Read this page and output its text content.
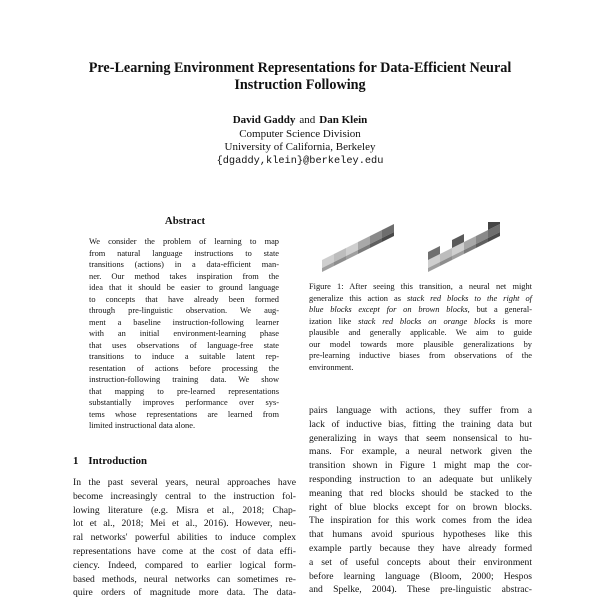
Pre-Learning Environment Representations for Data-Efficient Neural
Instruction Following
David Gaddy and Dan Klein
Computer Science Division
University of California, Berkeley
{dgaddy,klein}@berkeley.edu
Abstract
We consider the problem of learning to map
from natural language instructions to state
transitions (actions) in a data-efficient man-
ner. Our method takes inspiration from the
idea that it should be easier to ground language
to concepts that have already been formed
through pre-linguistic observation. We aug-
ment a baseline instruction-following learner
with an initial environment-learning phase
that uses observations of language-free state
transitions to induce a suitable latent rep-
resentation of actions before processing the
instruction-following training data. We show
that mapping to pre-learned representations
substantially improves performance over sys-
tems whose representations are learned from
limited instructional data alone.
Figure 1: After seeing this transition, a neural net might
generalize this action as stack red blocks to the right of
blue blocks except for on brown blocks, but a general-
ization like stack red blocks on orange blocks is more
plausible and generally applicable. We aim to guide
our model towards more plausible generalizations by
pre-learning inductive biases from observations of the
environment.
1 Introduction
In the past several years, neural approaches have
become increasingly central to the instruction fol-
lowing literature (e.g. Misra et al., 2018; Chap-
lot et al., 2018; Mei et al., 2016). However, neu-
ral networks' powerful abilities to induce complex
representations have come at the cost of data effi-
ciency. Indeed, compared to earlier logical form-
based methods, neural networks can sometimes re-
quire orders of magnitude more data. The data-
pairs language with actions, they suffer from a
lack of inductive bias, fitting the training data but
generalizing in ways that seem nonsensical to hu-
mans. For example, a neural network given the
transition shown in Figure 1 might map the cor-
responding instruction to an adequate but unlikely
meaning that red blocks should be stacked to the
right of blue blocks except for on brown blocks.
The inspiration for this work comes from the idea
that humans avoid spurious hypotheses like this
example partly because they have already formed
a set of useful concepts about their environment
before learning language (Bloom, 2000; Hespos
and Spelke, 2004). These pre-linguistic abstrac-
